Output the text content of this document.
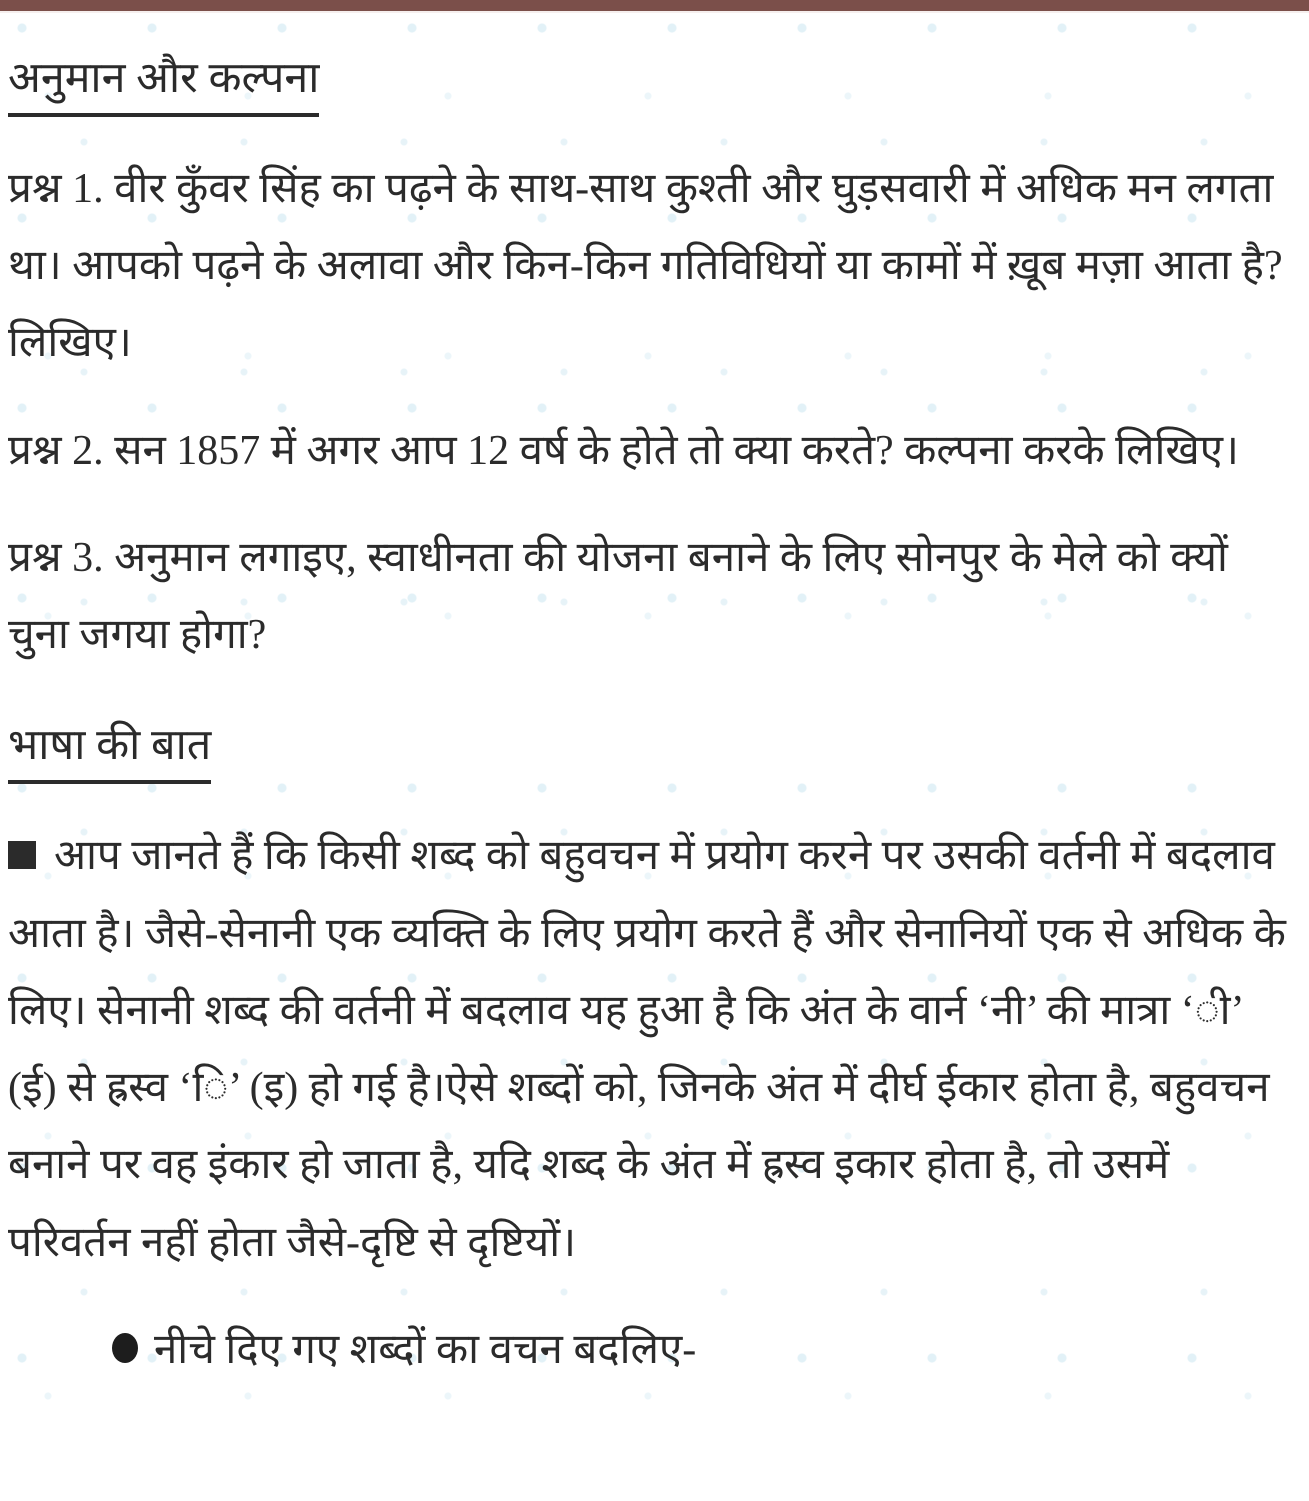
अनुमान और कल्पना

प्रश्न 1. वीर कुँवर सिंह का पढ़ने के साथ-साथ कुश्ती और घुड़सवारी में अधिक मन लगता था। आपको पढ़ने के अलावा और किन-किन गतिविधियों या कामों में ख़ूब मज़ा आता है? लिखिए।

प्रश्न 2. सन 1857 में अगर आप 12 वर्ष के होते तो क्या करते? कल्पना करके लिखिए।

प्रश्न 3. अनुमान लगाइए, स्वाधीनता की योजना बनाने के लिए सोनपुर के मेले को क्यों चुना जगया होगा?

भाषा की बात

आप जानते हैं कि किसी शब्द को बहुवचन में प्रयोग करने पर उसकी वर्तनी में बदलाव आता है। जैसे-सेनानी एक व्यक्ति के लिए प्रयोग करते हैं और सेनानियों एक से अधिक के लिए। सेनानी शब्द की वर्तनी में बदलाव यह हुआ है कि अंत के वार्न ‘नी’ की मात्रा ‘◌ी’ (ई) से ह्रस्व ‘◌ि’ (इ) हो गई है।ऐसे शब्दों को, जिनके अंत में दीर्घ ईकार होता है, बहुवचन बनाने पर वह इंकार हो जाता है, यदि शब्द के अंत में ह्रस्व इकार होता है, तो उसमें परिवर्तन नहीं होता जैसे-दृष्टि से दृष्टियों।

नीचे दिए गए शब्दों का वचन बदलिए-
